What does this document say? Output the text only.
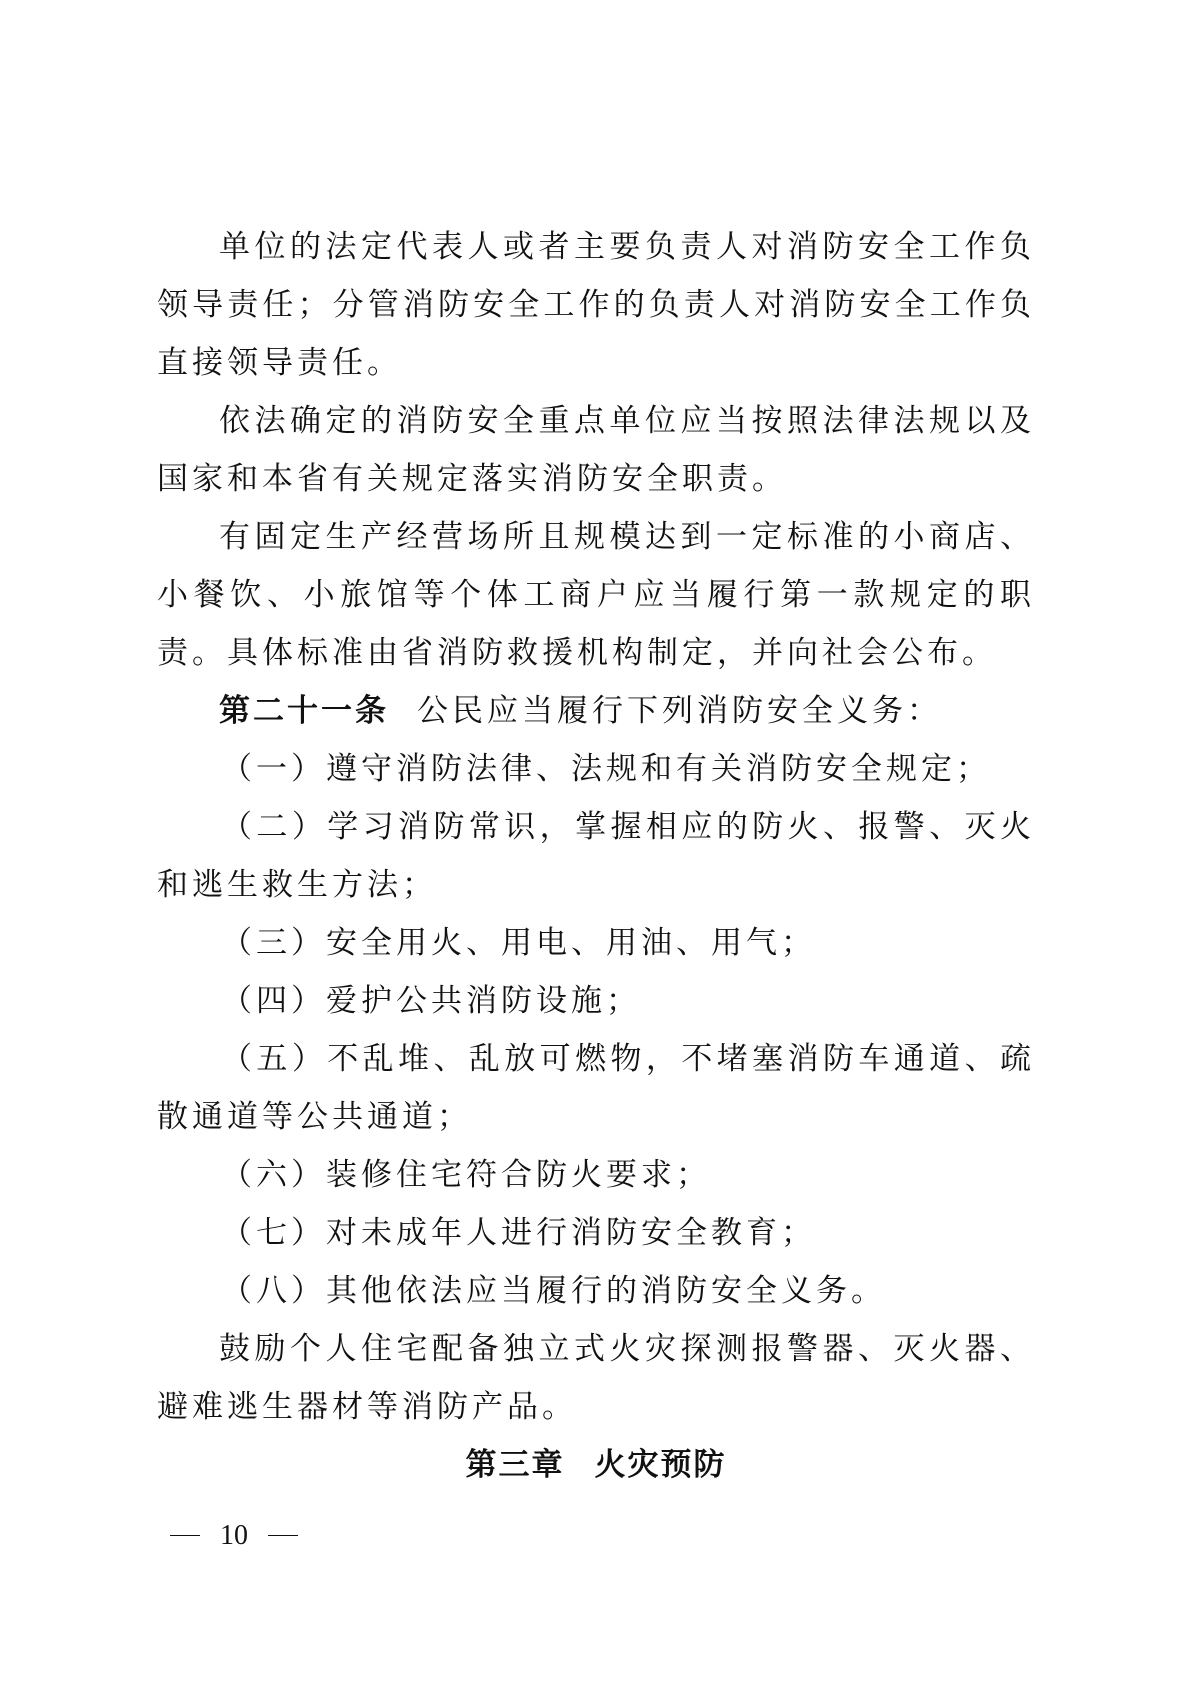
单位的法定代表人或者主要负责人对消防安全工作负领导责任；分管消防安全工作的负责人对消防安全工作负直接领导责任。

依法确定的消防安全重点单位应当按照法律法规以及国家和本省有关规定落实消防安全职责。

有固定生产经营场所且规模达到一定标准的小商店、小餐饮、小旅馆等个体工商户应当履行第一款规定的职责。具体标准由省消防救援机构制定，并向社会公布。

第二十一条 公民应当履行下列消防安全义务：

（一）遵守消防法律、法规和有关消防安全规定；

（二）学习消防常识，掌握相应的防火、报警、灭火和逃生救生方法；

（三）安全用火、用电、用油、用气；

（四）爱护公共消防设施；

（五）不乱堆、乱放可燃物，不堵塞消防车通道、疏散通道等公共通道；

（六）装修住宅符合防火要求；

（七）对未成年人进行消防安全教育；

（八）其他依法应当履行的消防安全义务。

鼓励个人住宅配备独立式火灾探测报警器、灭火器、避难逃生器材等消防产品。

第三章 火灾预防

10
